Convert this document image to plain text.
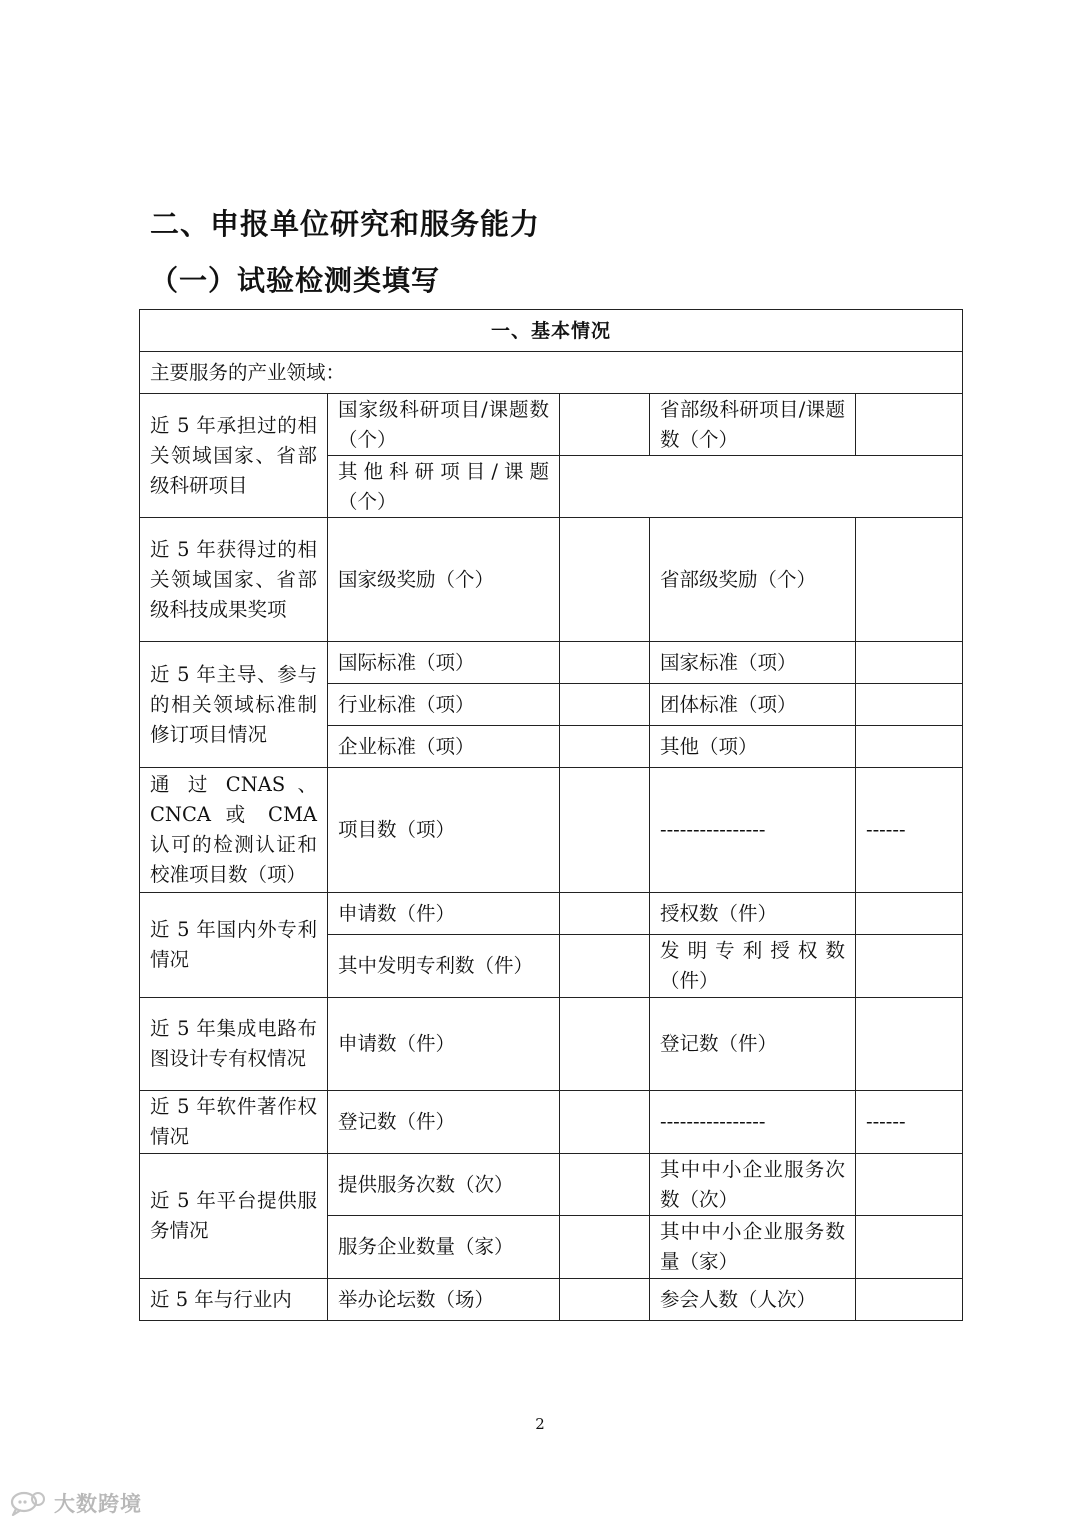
二、申报单位研究和服务能力
（一）试验检测类填写
一、基本情况				
主要服务的产业领域：				
近 5 年承担过的相关领域国家、省部级科研项目	国家级科研项目/课题数（个）		省部级科研项目/课题数（个）	
	其他科研项目/课题（个）			
近 5 年获得过的相关领域国家、省部级科技成果奖项	国家级奖励（个）		省部级奖励（个）	
近 5 年主导、参与的相关领域标准制修订项目情况	国际标准（项）		国家标准（项）	
	行业标准（项）		团体标准（项）	
	企业标准（项）		其他（项）	
通 过 CNAS 、CNCA 或 CMA 认可的检测认证和校准项目数（项）	项目数（项）		----------------	------
近 5 年国内外专利情况	申请数（件）		授权数（件）	
	其中发明专利数（件）		发明专利授权数（件）	
近 5 年集成电路布图设计专有权情况	申请数（件）		登记数（件）	
近 5 年软件著作权情况	登记数（件）		----------------	------
近 5 年平台提供服务情况	提供服务次数（次）		其中中小企业服务次数（次）	
	服务企业数量（家）		其中中小企业服务数量（家）	
近 5 年与行业内	举办论坛数（场）		参会人数（人次）	
2
大数跨境
